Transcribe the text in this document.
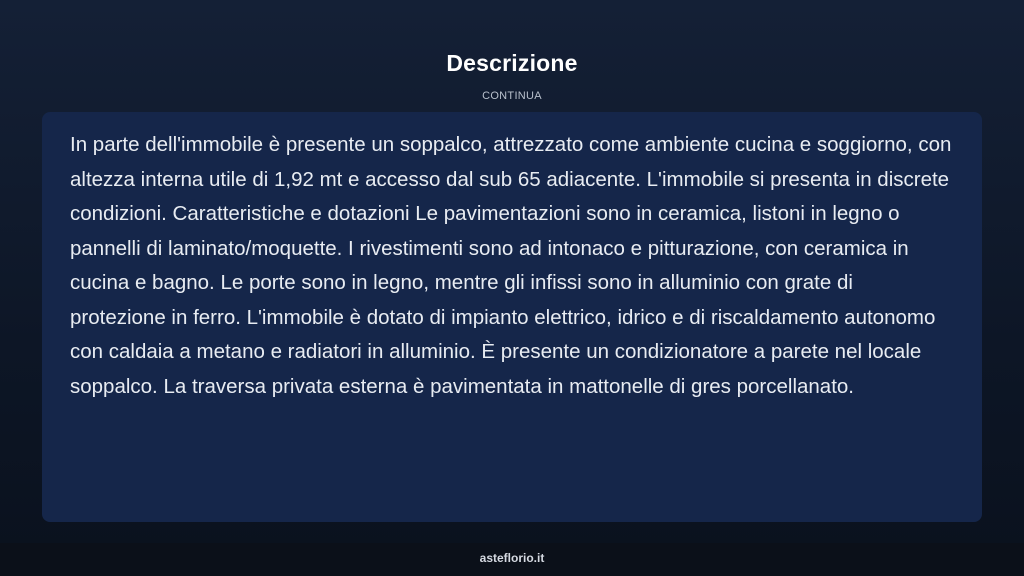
Descrizione
CONTINUA

In parte dell'immobile è presente un soppalco, attrezzato come ambiente cucina e soggiorno, con altezza interna utile di 1,92 mt e accesso dal sub 65 adiacente. L'immobile si presenta in discrete condizioni. Caratteristiche e dotazioni Le pavimentazioni sono in ceramica, listoni in legno o pannelli di laminato/moquette. I rivestimenti sono ad intonaco e pitturazione, con ceramica in cucina e bagno. Le porte sono in legno, mentre gli infissi sono in alluminio con grate di protezione in ferro. L'immobile è dotato di impianto elettrico, idrico e di riscaldamento autonomo con caldaia a metano e radiatori in alluminio. È presente un condizionatore a parete nel locale soppalco. La traversa privata esterna è pavimentata in mattonelle di gres porcellanato.

asteflorio.it
